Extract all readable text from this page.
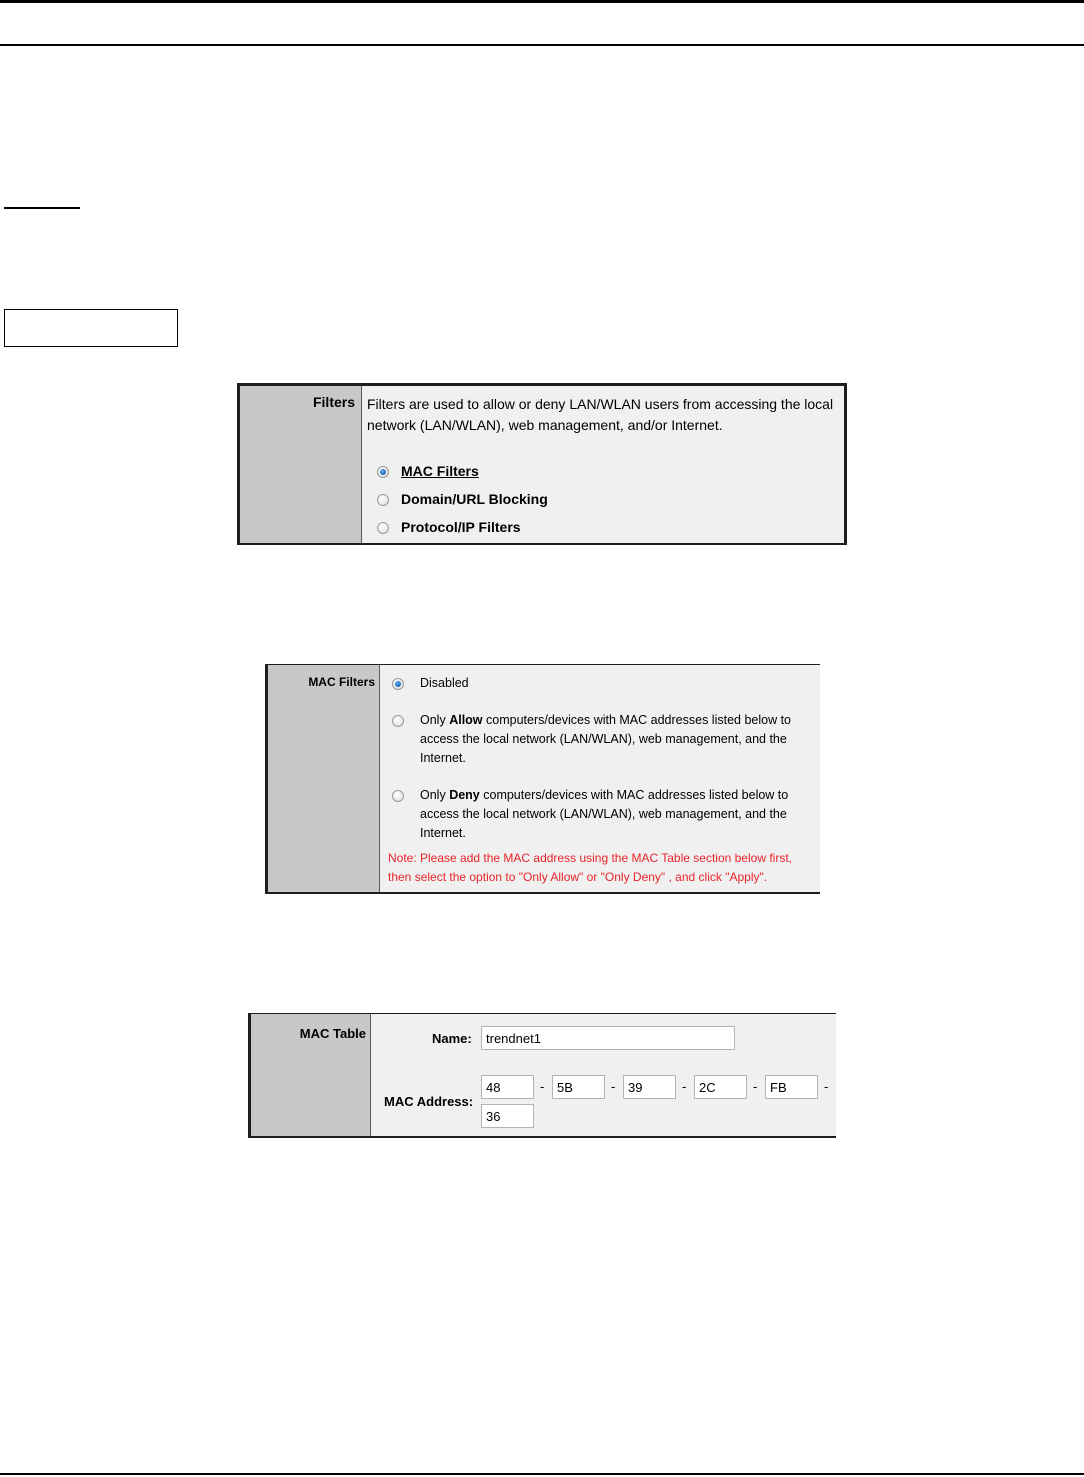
Filters Filters are used to allow or deny LAN/WLAN users from accessing the local network (LAN/WLAN), web management, and/or Internet.
MAC Filters
Domain/URL Blocking
Protocol/IP Filters
MAC Filters	Disabled
Only Allow computers/devices with MAC addresses listed below to access the local network (LAN/WLAN), web management, and the Internet.
Only Deny computers/devices with MAC addresses listed below to access the local network (LAN/WLAN), web management, and the Internet.
Note: Please add the MAC address using the MAC Table section below first, then select the option to "Only Allow" or "Only Deny" , and click "Apply".
MAC Table	Name:
trendnet1
MAC Address:
48
-
5B	-
39	-
2C	-
FB	-
36
